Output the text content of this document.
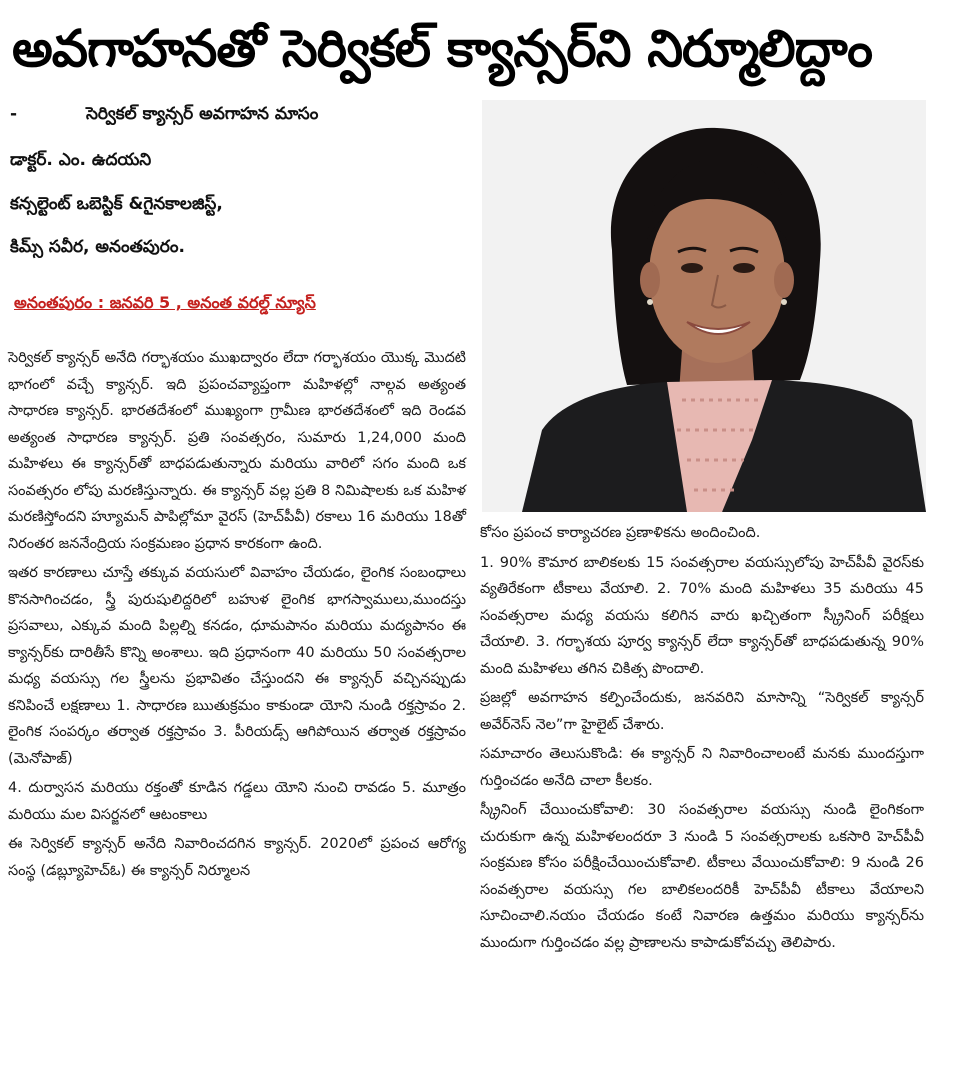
అవగాహనతో సెర్వికల్ క్యాన్సర్‌ని నిర్మూలిద్దాం
-	సెర్వికల్ క్యాన్సర్ అవగాహన మాసం
డాక్టర్. ఎం. ఉదయని
కన్సల్టెంట్ ఒబెస్టిక్ &గైనకాలజిస్ట్,
కిమ్స్ సవీర, అనంతపురం.
అనంతపురం : జనవరి 5 , అనంత వరల్డ్ న్యూస్

సెర్వికల్ క్యాన్సర్ అనేది గర్భాశయం ముఖద్వారం లేదా గర్భాశయం యొక్క మొదటి భాగంలో వచ్చే క్యాన్సర్. ఇది ప్రపంచవ్యాప్తంగా మహిళల్లో నాల్గవ అత్యంత సాధారణ క్యాన్సర్. భారతదేశంలో ముఖ్యంగా గ్రామీణ భారతదేశంలో ఇది రెండవ అత్యంత సాధారణ క్యాన్సర్. ప్రతి సంవత్సరం, సుమారు 1,24,000 మంది మహిళలు ఈ క్యాన్సర్‌తో బాధపడుతున్నారు మరియు వారిలో సగం మంది ఒక సంవత్సరం లోపు మరణిస్తున్నారు. ఈ క్యాన్సర్ వల్ల ప్రతి 8 నిమిషాలకు ఒక మహిళ మరణిస్తోందని హ్యూమన్ పాపిల్లోమా వైరస్ (హెచ్‌పీవీ) రకాలు 16 మరియు 18తో నిరంతర జననేంద్రియ సంక్రమణం ప్రధాన కారకంగా ఉంది.

ఇతర కారణాలు చూస్తే తక్కువ వయసులో వివాహం చేయడం, లైంగిక సంబంధాలు కొనసాగించడం, స్త్రీ పురుషులిద్దరిలో బహుళ లైంగిక భాగస్వాములు,ముందస్తు ప్రసవాలు, ఎక్కువ మంది పిల్లల్ని కనడం, ధూమపానం మరియు మద్యపానం ఈ క్యాన్సర్‌కు దారితీసే కొన్ని అంశాలు. ఇది ప్రధానంగా 40 మరియు 50 సంవత్సరాల మధ్య వయస్సు గల స్త్రీలను ప్రభావితం చేస్తుందని ఈ క్యాన్సర్ వచ్చినప్పుడు కనిపించే లక్షణాలు 1. సాధారణ ఋతుక్రమం కాకుండా యోని నుండి రక్తస్రావం 2. లైంగిక సంపర్కం తర్వాత రక్తస్రావం 3. పీరియడ్స్ ఆగిపోయిన తర్వాత రక్తస్రావం (మెనోపాజ్)

4. దుర్వాసన మరియు రక్తంతో కూడిన గడ్డలు యోని నుంచి రావడం 5. మూత్రం మరియు మల విసర్జనలో ఆటంకాలు

ఈ సెర్వికల్ క్యాన్సర్ అనేది నివారించదగిన క్యాన్సర్. 2020లో ప్రపంచ ఆరోగ్య సంస్థ (డబ్ల్యూహెచ్‌ఓ) ఈ క్యాన్సర్ నిర్మూలన

కోసం ప్రపంచ కార్యాచరణ ప్రణాళికను అందించింది.

1. 90% కౌమార బాలికలకు 15 సంవత్సరాల వయస్సులోపు హెచ్‌పీవీ వైరస్‌కు వ్యతిరేకంగా టీకాలు వేయాలి. 2. 70% మంది మహిళలు 35 మరియు 45 సంవత్సరాల మధ్య వయసు కలిగిన వారు ఖచ్చితంగా స్క్రీనింగ్ పరీక్షలు చేయాలి. 3. గర్భాశయ పూర్వ క్యాన్సర్ లేదా క్యాన్సర్‌తో బాధపడుతున్న 90% మంది మహిళలు తగిన చికిత్స పొందాలి.

ప్రజల్లో అవగాహన కల్పించేందుకు, జనవరిని మాసాన్ని “సెర్వికల్ క్యాన్సర్ అవేర్‌నెస్ నెల”గా హైలైట్ చేశారు.

సమాచారం తెలుసుకొండి: ఈ క్యాన్సర్ ని నివారించాలంటే మనకు ముందస్తుగా గుర్తించడం అనేది చాలా కీలకం.

స్క్రీనింగ్ చేయించుకోవాలి: 30 సంవత్సరాల వయస్సు నుండి లైంగికంగా చురుకుగా ఉన్న మహిళలందరూ 3 నుండి 5 సంవత్సరాలకు ఒకసారి హెచ్‌పీవీ సంక్రమణ కోసం పరీక్షించేయించుకోవాలి. టీకాలు వేయించుకోవాలి: 9 నుండి 26 సంవత్సరాల వయస్సు గల బాలికలందరికీ హెచ్‌పీవీ టీకాలు వేయాలని సూచించాలి.నయం చేయడం కంటే నివారణ ఉత్తమం మరియు క్యాన్సర్‌ను ముందుగా గుర్తించడం వల్ల ప్రాణాలను కాపాడుకోవచ్చు తెలిపారు.
